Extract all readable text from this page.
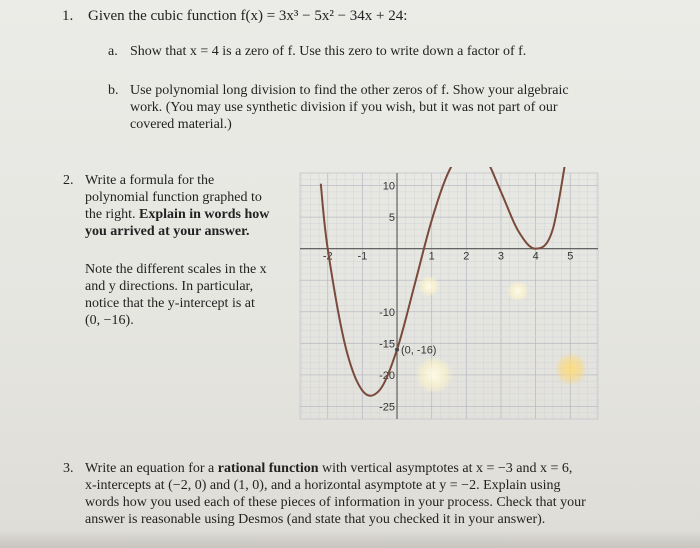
1. Given the cubic function f(x) = 3x³ − 5x² − 34x + 24:
a. Show that x = 4 is a zero of f. Use this zero to write down a factor of f.
b. Use polynomial long division to find the other zeros of f. Show your algebraic
work. (You may use synthetic division if you wish, but it was not part of our
covered material.)
2. Write a formula for the
polynomial function graphed to
the right. Explain in words how
you arrived at your answer.
Note the different scales in the x
and y directions. In particular,
notice that the y-intercept is at
(0, −16).
-2 -1	1	2	3	4	5
10
5
-10
-15
-20
-25
(0, -16)
3. Write an equation for a rational function with vertical asymptotes at x = −3 and x = 6,
x-intercepts at (−2, 0) and (1, 0), and a horizontal asymptote at y = −2. Explain using
words how you used each of these pieces of information in your process. Check that your
answer is reasonable using Desmos (and state that you checked it in your answer).
